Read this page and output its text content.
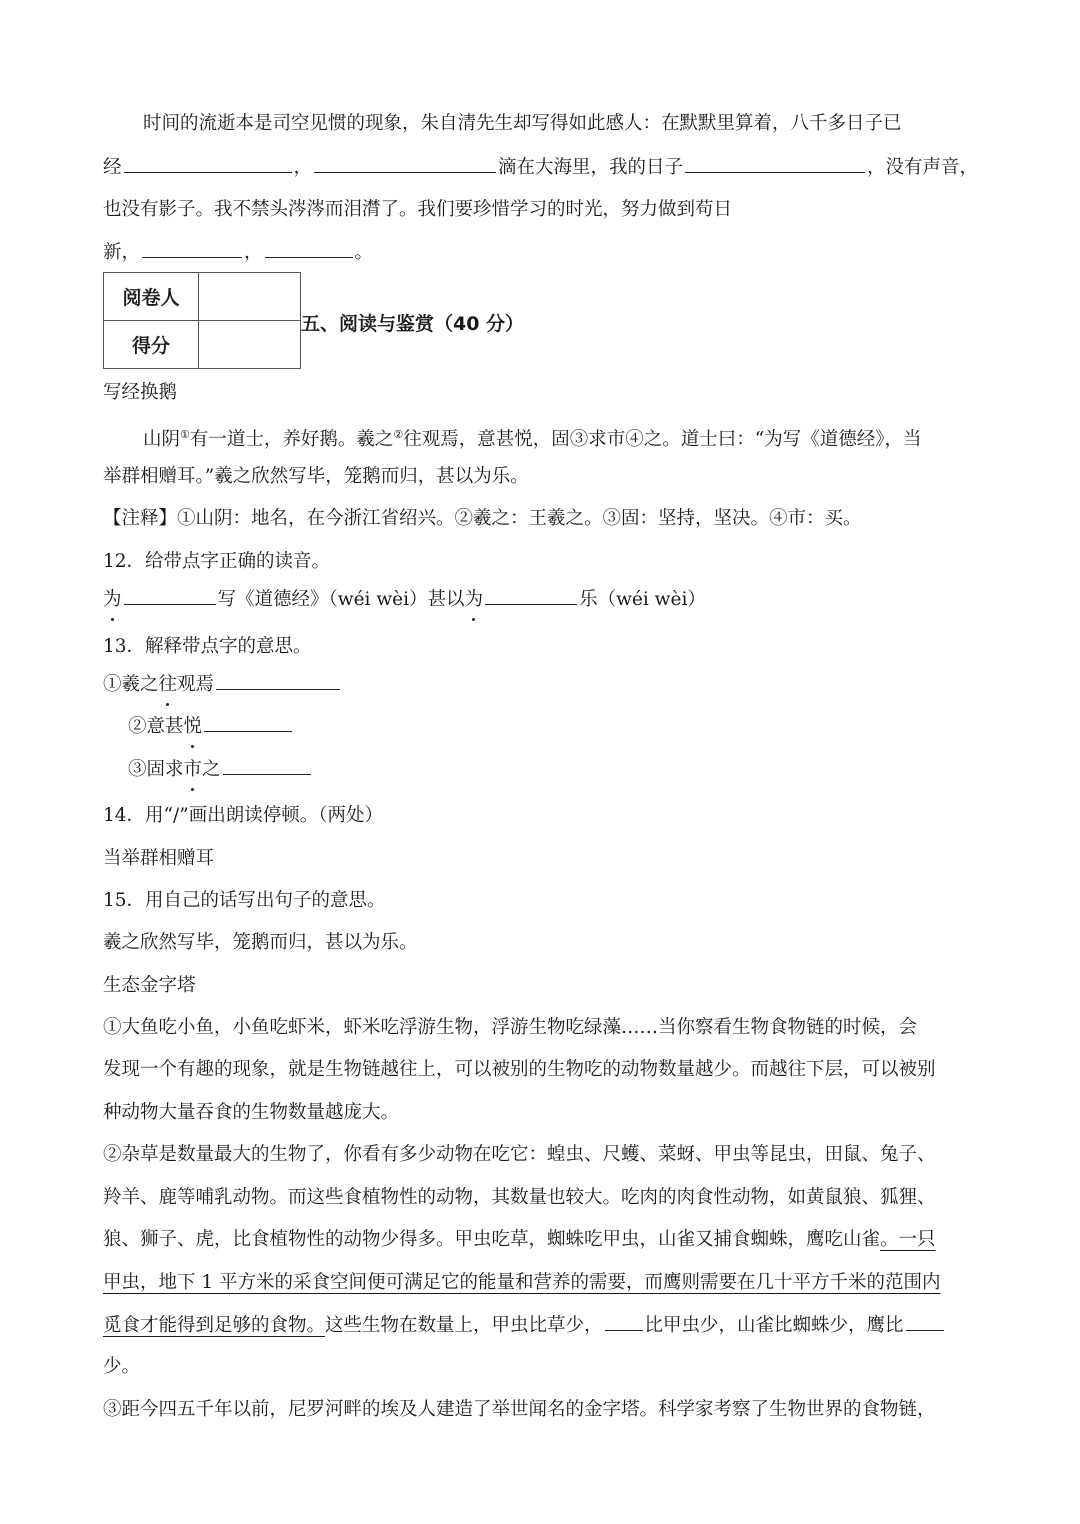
时间的流逝本是司空见惯的现象，朱自清先生却写得如此感人：在默默里算着，八千多日子已
经	，	滴在大海里，我的日子	，没有声音，
也没有影子。我不禁头涔涔而泪潸了。我们要珍惜学习的时光，努力做到苟日
新，	，	。
阅卷人
得分
五、阅读与鉴赏（40 分）
写经换鹅
山阴①有一道士，养好鹅。羲之②往观焉，意甚悦，固③求市④之。道士曰：“为写《道德经》，当
举群相赠耳。”羲之欣然写毕，笼鹅而归，甚以为乐。
【注释】①山阴：地名，在今浙江省绍兴。②羲之：王羲之。③固：坚持，坚决。④市：买。
12．给带点字正确的读音。
为	写《道德经》（wéi wèi）甚以为	乐（wéi wèi）
13．解释带点字的意思。
①羲之往观焉
②意甚悦
③固求市之
14．用“/”画出朗读停顿。（两处）
当举群相赠耳
15．用自己的话写出句子的意思。
羲之欣然写毕，笼鹅而归，甚以为乐。
生态金字塔
①大鱼吃小鱼，小鱼吃虾米，虾米吃浮游生物，浮游生物吃绿藻……当你察看生物食物链的时候，会
发现一个有趣的现象，就是生物链越往上，可以被别的生物吃的动物数量越少。而越往下层，可以被别
种动物大量吞食的生物数量越庞大。
②杂草是数量最大的生物了，你看有多少动物在吃它：蝗虫、尺蠖、菜蚜、甲虫等昆虫，田鼠、兔子、
羚羊、鹿等哺乳动物。而这些食植物性的动物，其数量也较大。吃肉的肉食性动物，如黄鼠狼、狐狸、
狼、狮子、虎，比食植物性的动物少得多。甲虫吃草，蜘蛛吃甲虫，山雀又捕食蜘蛛，鹰吃山雀。一只
甲虫，地下 1 平方米的采食空间便可满足它的能量和营养的需要，而鹰则需要在几十平方千米的范围内
觅食才能得到足够的食物。这些生物在数量上，甲虫比草少， 比甲虫少，山雀比蜘蛛少，鹰比
少。
③距今四五千年以前，尼罗河畔的埃及人建造了举世闻名的金字塔。科学家考察了生物世界的食物链，
